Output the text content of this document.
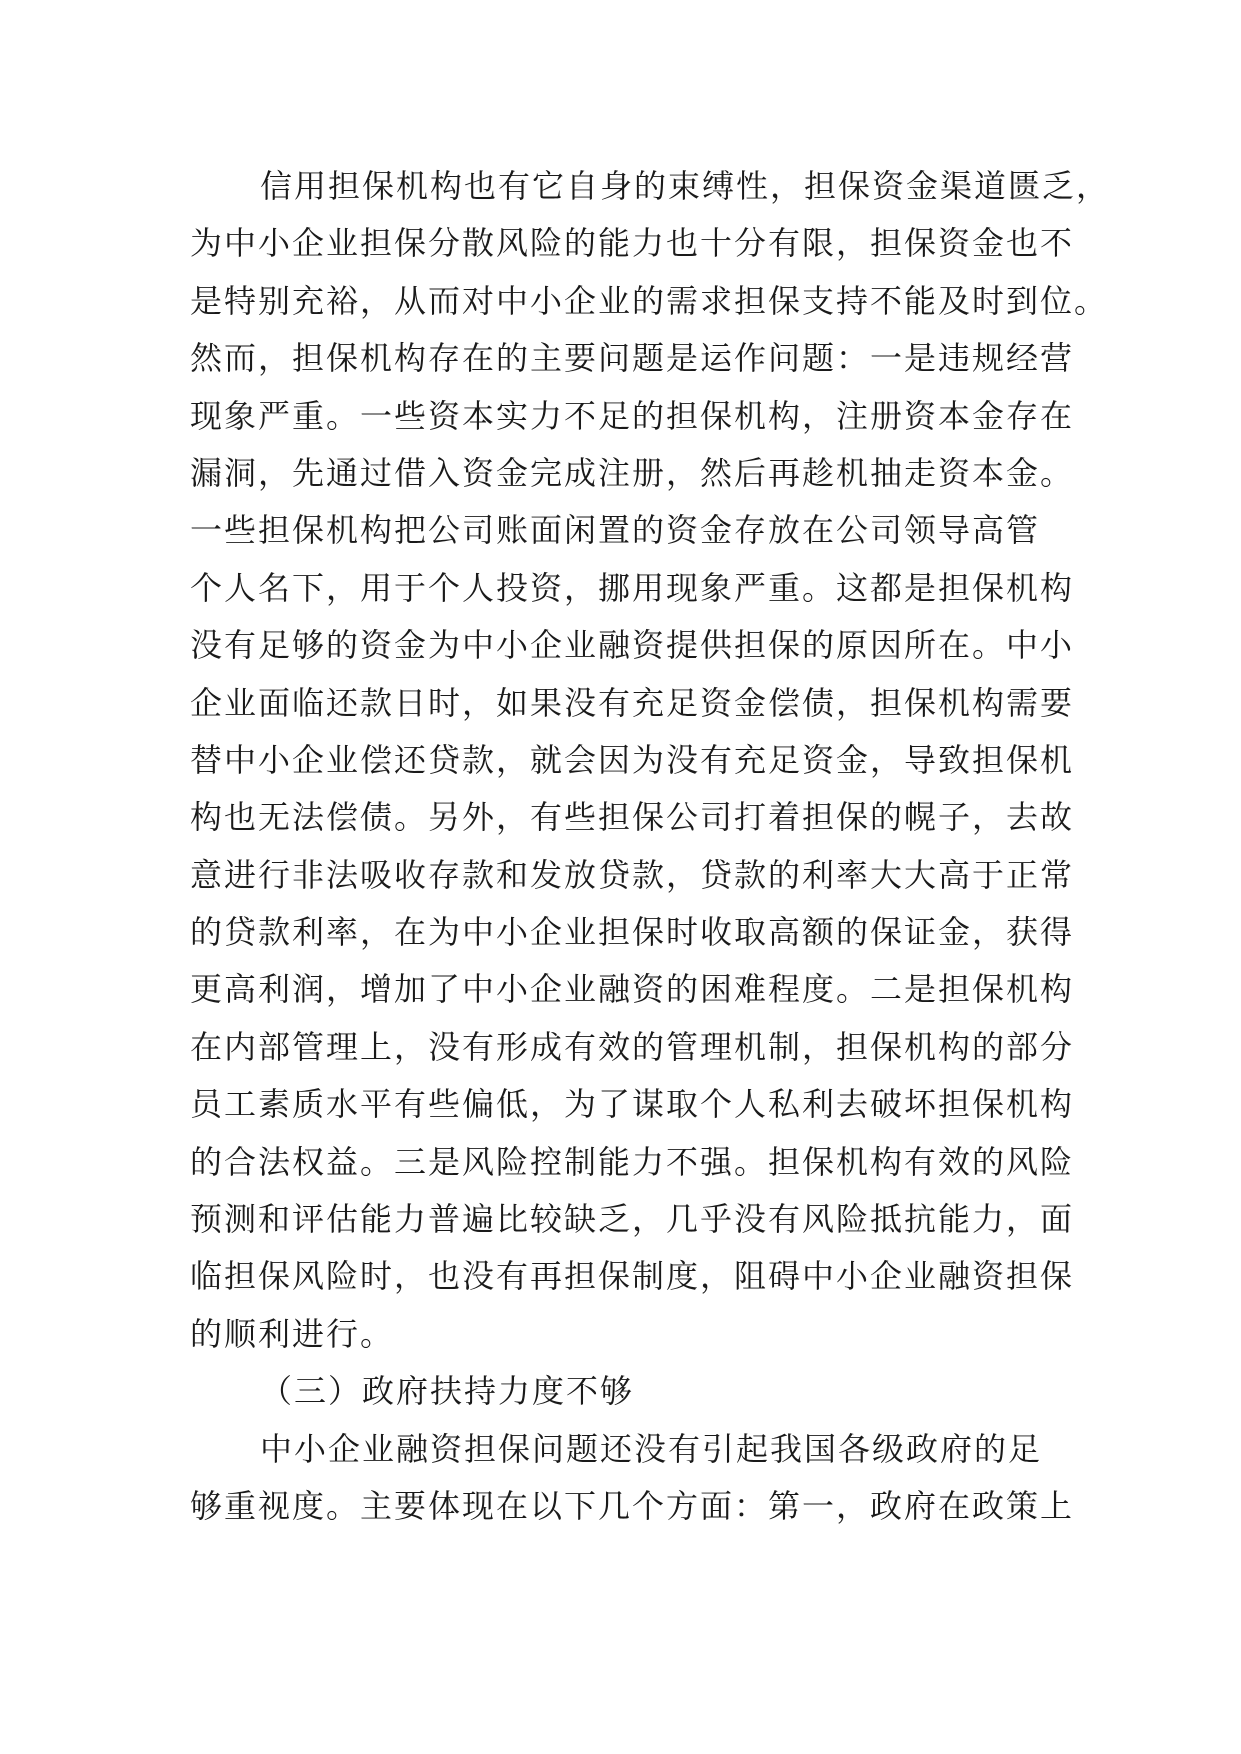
信用担保机构也有它自身的束缚性，担保资金渠道匮乏，

为中小企业担保分散风险的能力也十分有限，担保资金也不

是特别充裕，从而对中小企业的需求担保支持不能及时到位。

然而，担保机构存在的主要问题是运作问题：一是违规经营

现象严重。一些资本实力不足的担保机构，注册资本金存在

漏洞，先通过借入资金完成注册，然后再趁机抽走资本金。

一些担保机构把公司账面闲置的资金存放在公司领导高管

个人名下，用于个人投资，挪用现象严重。这都是担保机构

没有足够的资金为中小企业融资提供担保的原因所在。中小

企业面临还款日时，如果没有充足资金偿债，担保机构需要

替中小企业偿还贷款，就会因为没有充足资金，导致担保机

构也无法偿债。另外，有些担保公司打着担保的幌子，去故

意进行非法吸收存款和发放贷款，贷款的利率大大高于正常

的贷款利率，在为中小企业担保时收取高额的保证金，获得

更高利润，增加了中小企业融资的困难程度。二是担保机构

在内部管理上，没有形成有效的管理机制，担保机构的部分

员工素质水平有些偏低，为了谋取个人私利去破坏担保机构

的合法权益。三是风险控制能力不强。担保机构有效的风险

预测和评估能力普遍比较缺乏，几乎没有风险抵抗能力，面

临担保风险时，也没有再担保制度，阻碍中小企业融资担保

的顺利进行。

（三）政府扶持力度不够

中小企业融资担保问题还没有引起我国各级政府的足

够重视度。主要体现在以下几个方面：第一，政府在政策上
